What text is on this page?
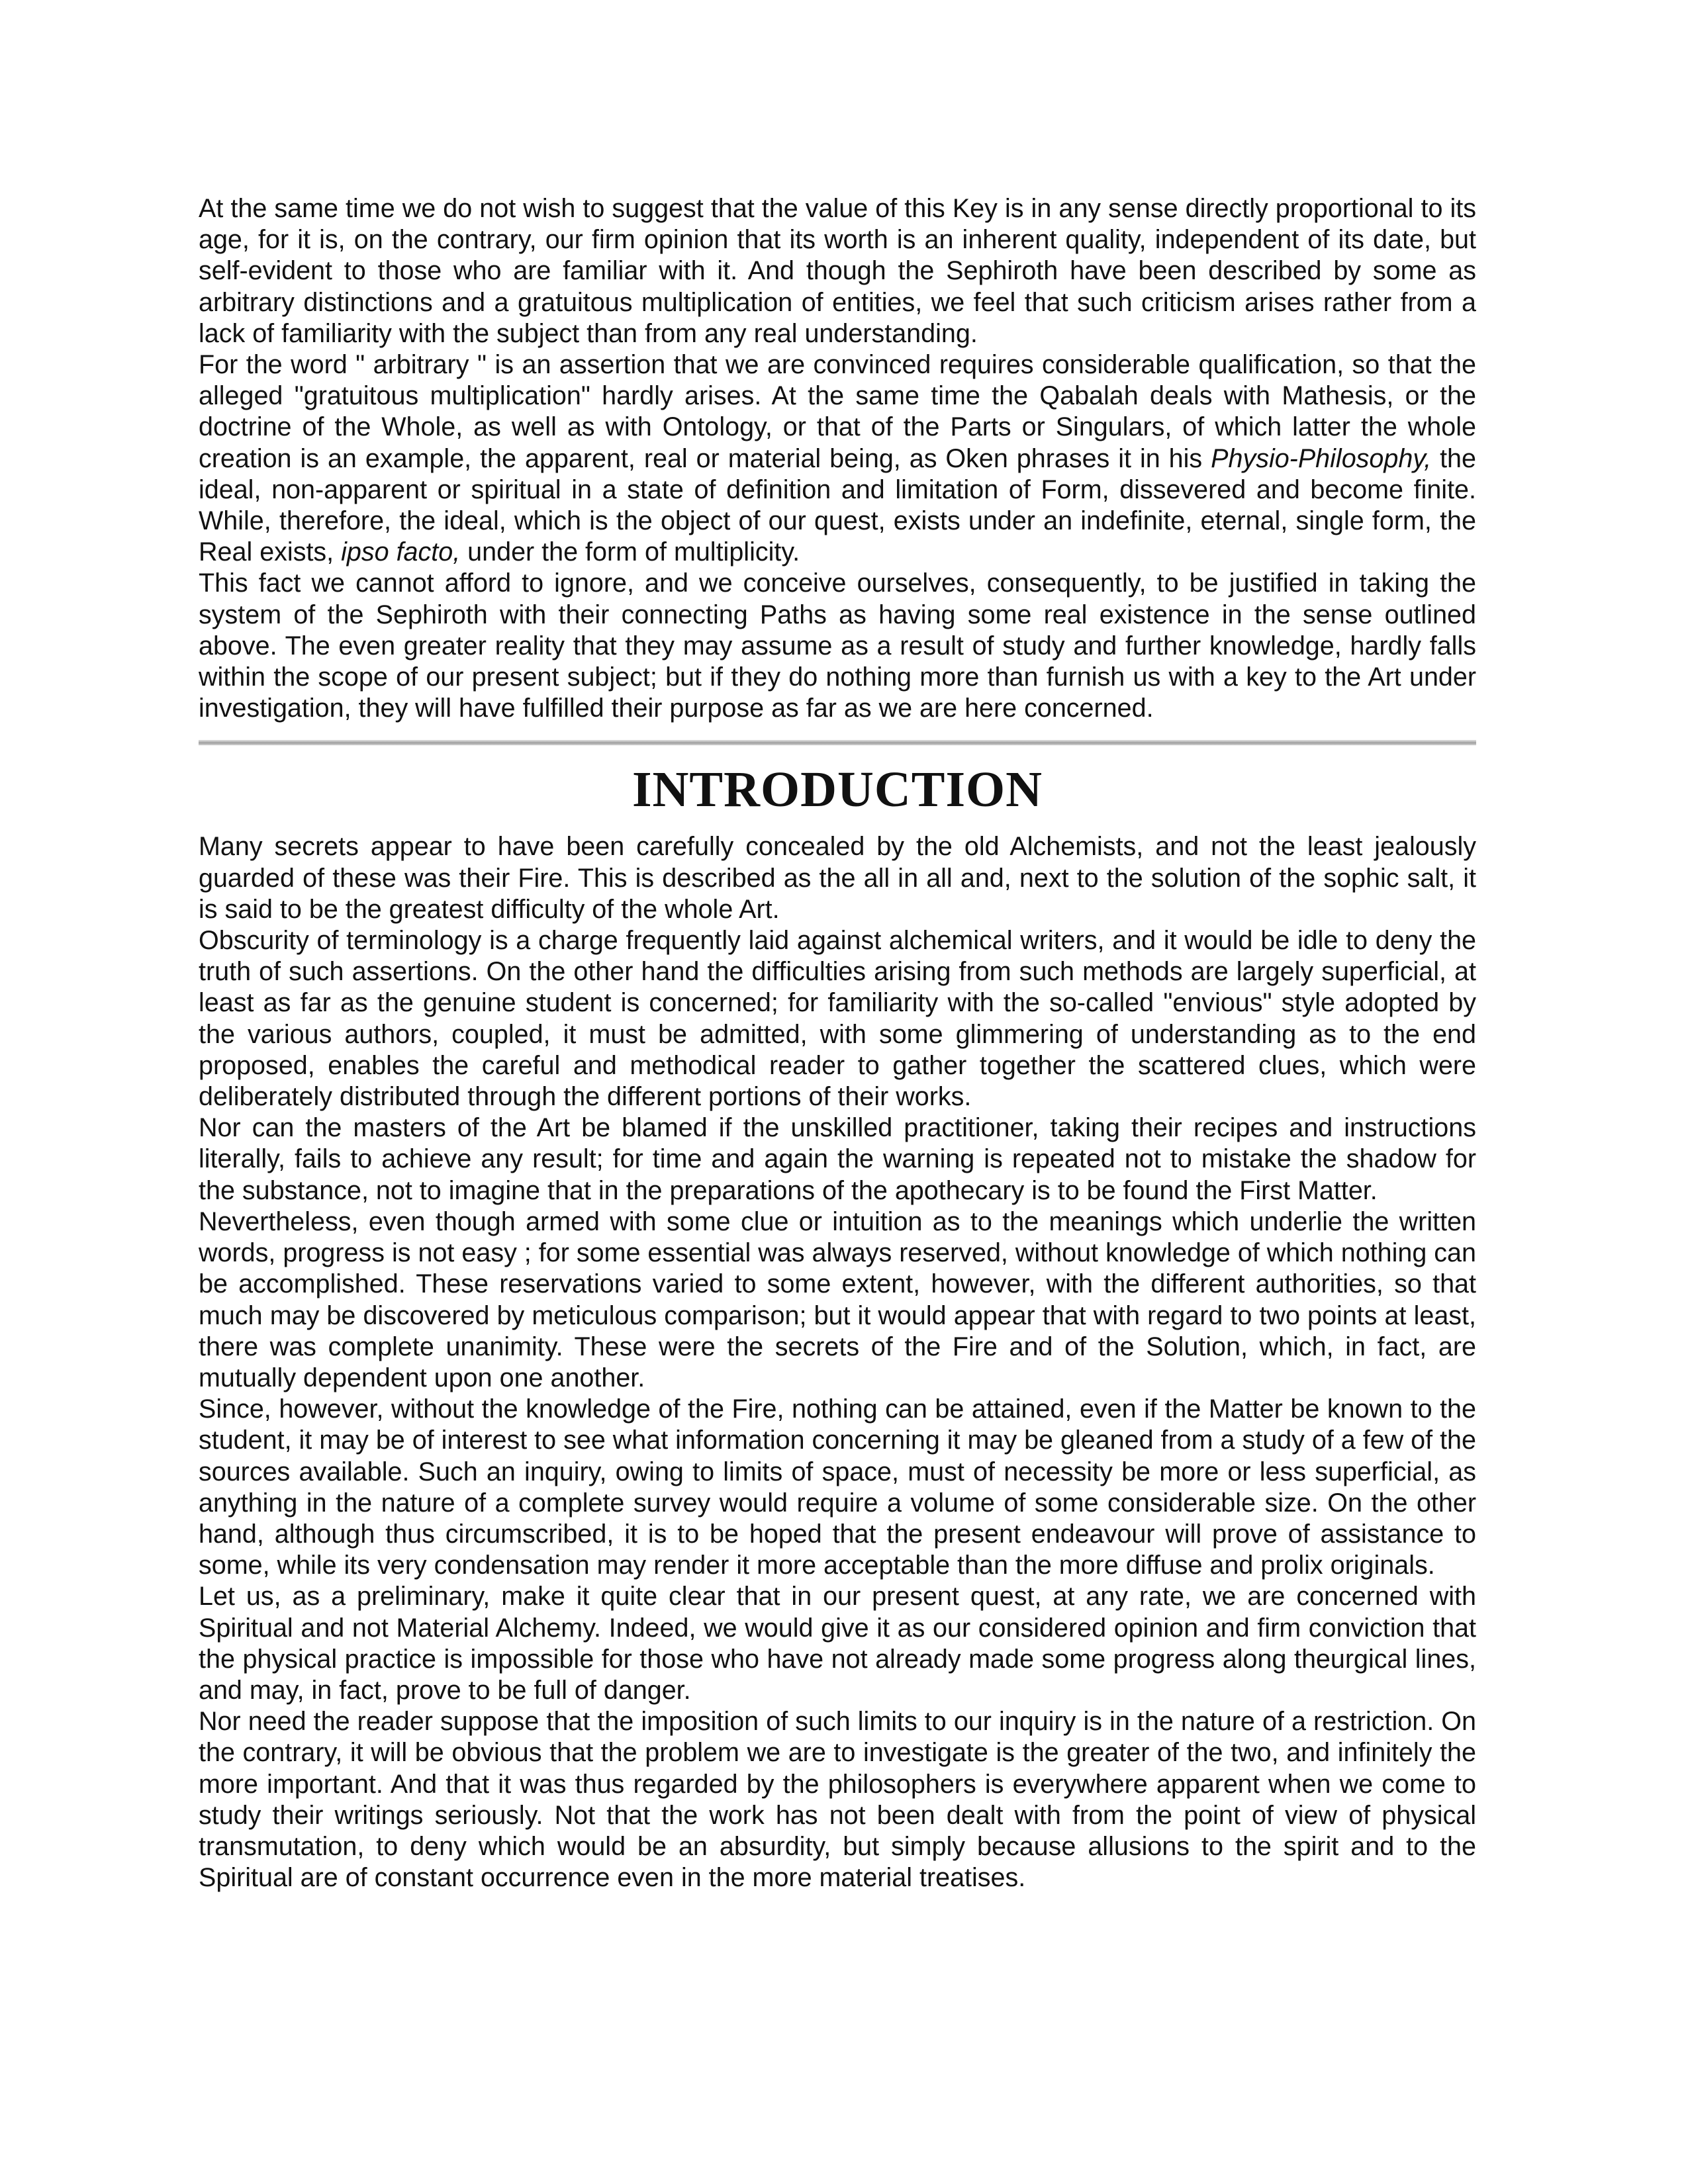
At the same time we do not wish to suggest that the value of this Key is in any sense directly proportional to its age, for it is, on the contrary, our firm opinion that its worth is an inherent quality, independent of its date, but self-evident to those who are familiar with it. And though the Sephiroth have been described by some as arbitrary distinctions and a gratuitous multiplication of entities, we feel that such criticism arises rather from a lack of familiarity with the subject than from any real understanding.

For the word " arbitrary " is an assertion that we are convinced requires considerable qualification, so that the alleged "gratuitous multiplication" hardly arises. At the same time the Qabalah deals with Mathesis, or the doctrine of the Whole, as well as with Ontology, or that of the Parts or Singulars, of which latter the whole creation is an example, the apparent, real or material being, as Oken phrases it in his Physio-Philosophy, the ideal, non-apparent or spiritual in a state of definition and limitation of Form, dissevered and become finite. While, therefore, the ideal, which is the object of our quest, exists under an indefinite, eternal, single form, the Real exists, ipso facto, under the form of multiplicity.

This fact we cannot afford to ignore, and we conceive ourselves, consequently, to be justified in taking the system of the Sephiroth with their connecting Paths as having some real existence in the sense outlined above. The even greater reality that they may assume as a result of study and further knowledge, hardly falls within the scope of our present subject; but if they do nothing more than furnish us with a key to the Art under investigation, they will have fulfilled their purpose as far as we are here concerned.

INTRODUCTION

Many secrets appear to have been carefully concealed by the old Alchemists, and not the least jealously guarded of these was their Fire. This is described as the all in all and, next to the solution of the sophic salt, it is said to be the greatest difficulty of the whole Art.

Obscurity of terminology is a charge frequently laid against alchemical writers, and it would be idle to deny the truth of such assertions. On the other hand the difficulties arising from such methods are largely superficial, at least as far as the genuine student is concerned; for familiarity with the so-called "envious" style adopted by the various authors, coupled, it must be admitted, with some glimmering of understanding as to the end proposed, enables the careful and methodical reader to gather together the scattered clues, which were deliberately distributed through the different portions of their works.

Nor can the masters of the Art be blamed if the unskilled practitioner, taking their recipes and instructions literally, fails to achieve any result; for time and again the warning is repeated not to mistake the shadow for the substance, not to imagine that in the preparations of the apothecary is to be found the First Matter.

Nevertheless, even though armed with some clue or intuition as to the meanings which underlie the written words, progress is not easy ; for some essential was always reserved, without knowledge of which nothing can be accomplished. These reservations varied to some extent, however, with the different authorities, so that much may be discovered by meticulous comparison; but it would appear that with regard to two points at least, there was complete unanimity. These were the secrets of the Fire and of the Solution, which, in fact, are mutually dependent upon one another.

Since, however, without the knowledge of the Fire, nothing can be attained, even if the Matter be known to the student, it may be of interest to see what information concerning it may be gleaned from a study of a few of the sources available. Such an inquiry, owing to limits of space, must of necessity be more or less superficial, as anything in the nature of a complete survey would require a volume of some considerable size. On the other hand, although thus circumscribed, it is to be hoped that the present endeavour will prove of assistance to some, while its very condensation may render it more acceptable than the more diffuse and prolix originals.

Let us, as a preliminary, make it quite clear that in our present quest, at any rate, we are concerned with Spiritual and not Material Alchemy. Indeed, we would give it as our considered opinion and firm conviction that the physical practice is impossible for those who have not already made some progress along theurgical lines, and may, in fact, prove to be full of danger.

Nor need the reader suppose that the imposition of such limits to our inquiry is in the nature of a restriction. On the contrary, it will be obvious that the problem we are to investigate is the greater of the two, and infinitely the more important. And that it was thus regarded by the philosophers is everywhere apparent when we come to study their writings seriously. Not that the work has not been dealt with from the point of view of physical transmutation, to deny which would be an absurdity, but simply because allusions to the spirit and to the Spiritual are of constant occurrence even in the more material treatises.
